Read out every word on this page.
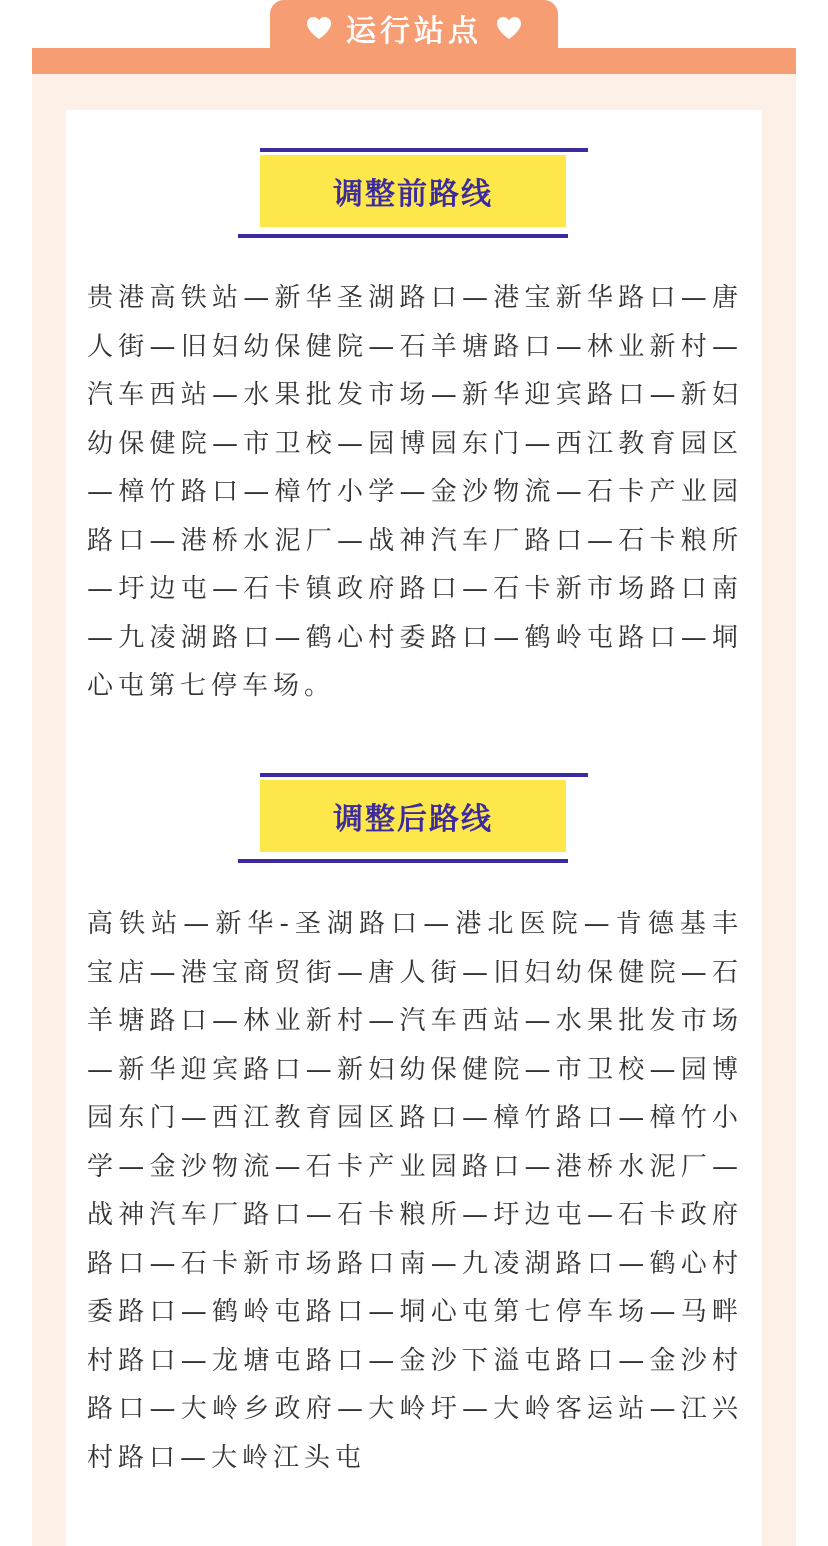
运行站点
调整前路线

贵港高铁站—新华圣湖路口—港宝新华路口—唐人街—旧妇幼保健院—石羊塘路口—林业新村—汽车西站—水果批发市场—新华迎宾路口—新妇幼保健院—市卫校—园博园东门—西江教育园区—樟竹路口—樟竹小学—金沙物流—石卡产业园路口—港桥水泥厂—战神汽车厂路口—石卡粮所—圩边屯—石卡镇政府路口—石卡新市场路口南—九凌湖路口—鹤心村委路口—鹤岭屯路口—垌心屯第七停车场。

调整后路线

高铁站—新华-圣湖路口—港北医院—肯德基丰宝店—港宝商贸街—唐人街—旧妇幼保健院—石羊塘路口—林业新村—汽车西站—水果批发市场—新华迎宾路口—新妇幼保健院—市卫校—园博园东门—西江教育园区路口—樟竹路口—樟竹小学—金沙物流—石卡产业园路口—港桥水泥厂—战神汽车厂路口—石卡粮所—圩边屯—石卡政府路口—石卡新市场路口南—九凌湖路口—鹤心村委路口—鹤岭屯路口—垌心屯第七停车场—马畔村路口—龙塘屯路口—金沙下溢屯路口—金沙村路口—大岭乡政府—大岭圩—大岭客运站—江兴村路口—大岭江头屯
